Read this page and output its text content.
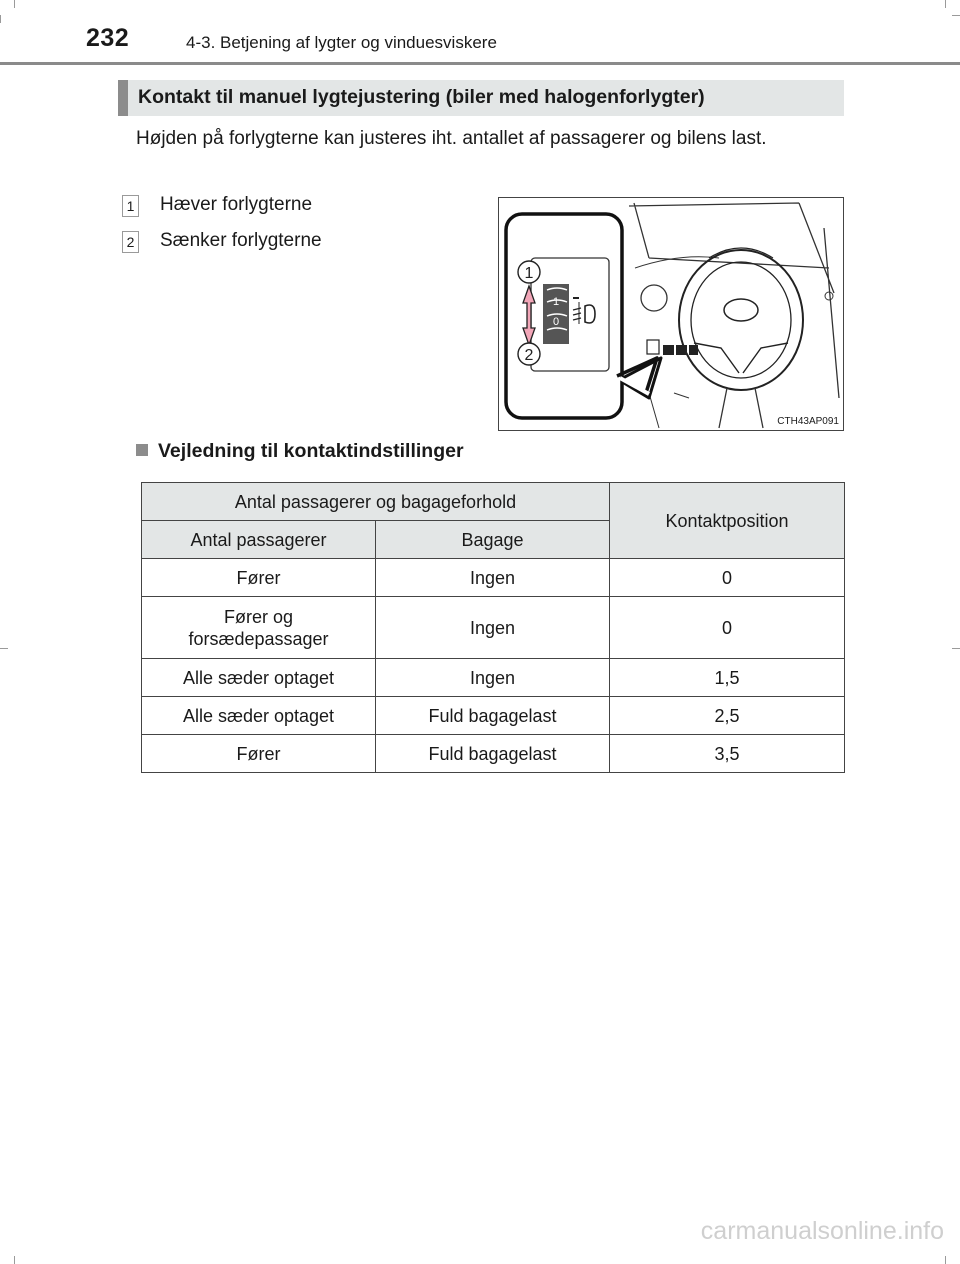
232	4-3. Betjening af lygter og vinduesviskere
Kontakt til manuel lygtejustering (biler med halogenforlygter)
Højden på forlygterne kan justeres iht. antallet af passagerer og bilens last.
1 Hæver forlygterne
2 Sænker forlygterne
1
0
1
2
CTH43AP091
Vejledning til kontaktindstillinger
Antal passagerer og bagageforhold		Kontaktposition
Antal passagerer	Bagage	
Fører	Ingen	0
Fører og forsædepassager	Ingen	0
Alle sæder optaget	Ingen	1,5
Alle sæder optaget	Fuld bagagelast	2,5
Fører	Fuld bagagelast	3,5
carmanualsonline.info
